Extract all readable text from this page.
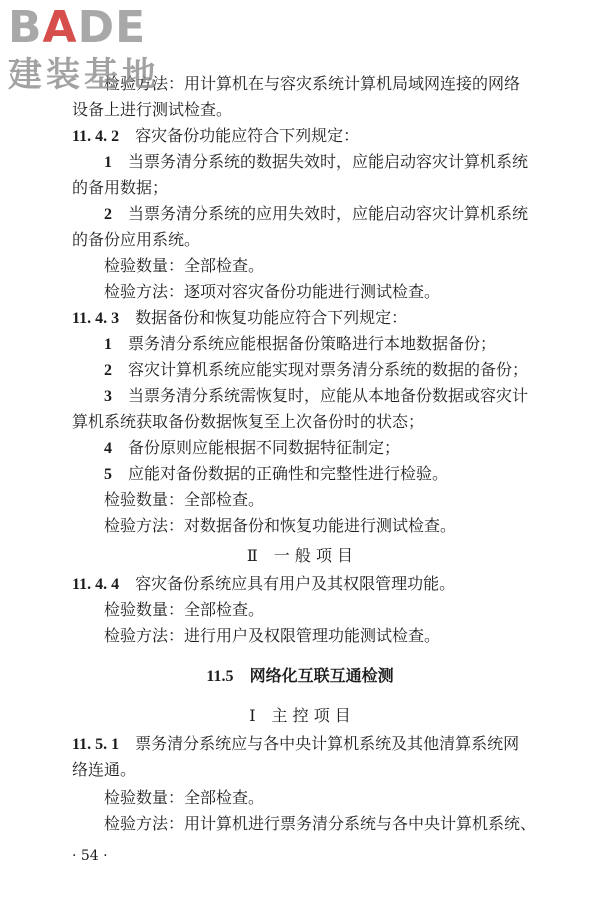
BADE
建装基地
检验方法：用计算机在与容灾系统计算机局域网连接的网络
设备上进行测试检查。
11. 4. 2　 容灾备份功能应符合下列规定：
1　 当票务清分系统的数据失效时，应能启动容灾计算机系统
的备用数据；
2　 当票务清分系统的应用失效时，应能启动容灾计算机系统
的备份应用系统。
检验数量：全部检查。
检验方法：逐项对容灾备份功能进行测试检查。
11. 4. 3　 数据备份和恢复功能应符合下列规定：
1　 票务清分系统应能根据备份策略进行本地数据备份；
2　 容灾计算机系统应能实现对票务清分系统的数据的备份；
3　 当票务清分系统需恢复时，应能从本地备份数据或容灾计
算机系统获取备份数据恢复至上次备份时的状态；
4　 备份原则应能根据不同数据特征制定；
5　 应能对备份数据的正确性和完整性进行检验。
检验数量：全部检查。
检验方法：对数据备份和恢复功能进行测试检查。
Ⅱ　一 般 项 目
11. 4. 4　 容灾备份系统应具有用户及其权限管理功能。
检验数量：全部检查。
检验方法：进行用户及权限管理功能测试检查。
11.5　 网络化互联互通检测
Ⅰ　主 控 项 目
11. 5. 1　 票务清分系统应与各中央计算机系统及其他清算系统网
络连通。
检验数量：全部检查。
检验方法：用计算机进行票务清分系统与各中央计算机系统、
· 54 ·
